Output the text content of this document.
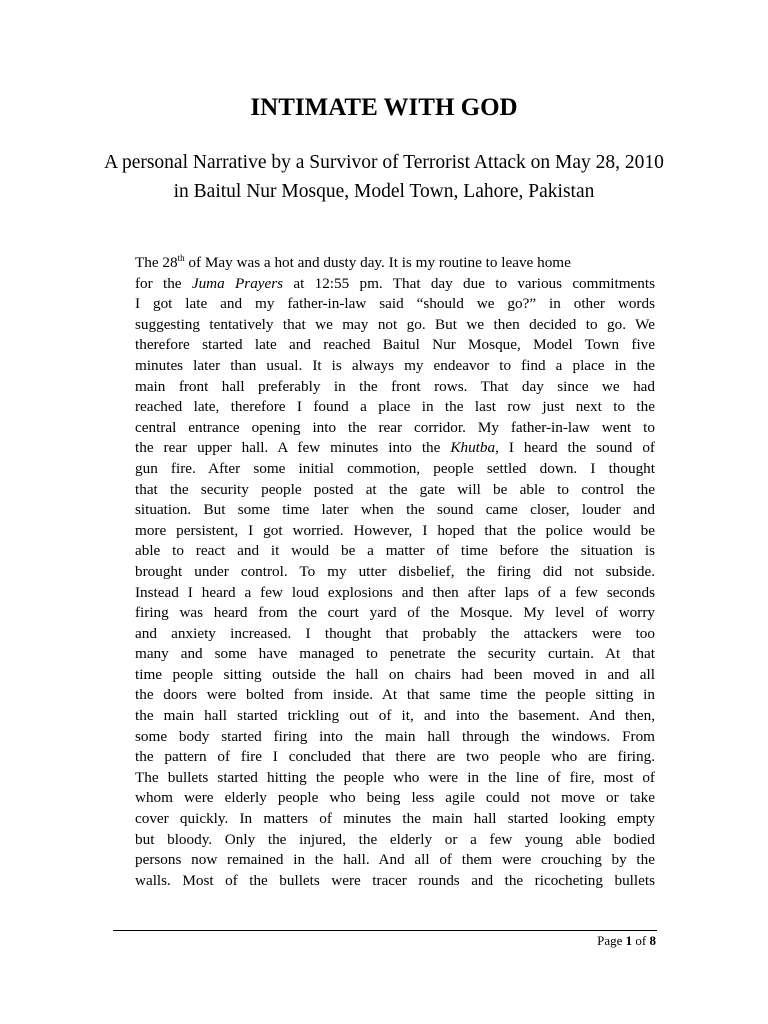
INTIMATE WITH GOD

A personal Narrative by a Survivor of Terrorist Attack on May 28, 2010 in Baitul Nur Mosque, Model Town, Lahore, Pakistan

The 28th of May was a hot and dusty day. It is my routine to leave home
for the Juma Prayers at 12:55 pm. That day due to various commitments
I got late and my father-in-law said “should we go?” in other words
suggesting tentatively that we may not go. But we then decided to go. We
therefore started late and reached Baitul Nur Mosque, Model Town five
minutes later than usual. It is always my endeavor to find a place in the
main front hall preferably in the front rows. That day since we had
reached late, therefore I found a place in the last row just next to the
central entrance opening into the rear corridor. My father-in-law went to
the rear upper hall. A few minutes into the Khutba, I heard the sound of
gun fire. After some initial commotion, people settled down. I thought
that the security people posted at the gate will be able to control the
situation. But some time later when the sound came closer, louder and
more persistent, I got worried. However, I hoped that the police would be
able to react and it would be a matter of time before the situation is
brought under control. To my utter disbelief, the firing did not subside.
Instead I heard a few loud explosions and then after laps of a few seconds
firing was heard from the court yard of the Mosque. My level of worry
and anxiety increased. I thought that probably the attackers were too
many and some have managed to penetrate the security curtain. At that
time people sitting outside the hall on chairs had been moved in and all
the doors were bolted from inside. At that same time the people sitting in
the main hall started trickling out of it, and into the basement. And then,
some body started firing into the main hall through the windows. From
the pattern of fire I concluded that there are two people who are firing.
The bullets started hitting the people who were in the line of fire, most of
whom were elderly people who being less agile could not move or take
cover quickly. In matters of minutes the main hall started looking empty
but bloody. Only the injured, the elderly or a few young able bodied
persons now remained in the hall. And all of them were crouching by the
walls. Most of the bullets were tracer rounds and the ricocheting bullets
Page 1 of 8
